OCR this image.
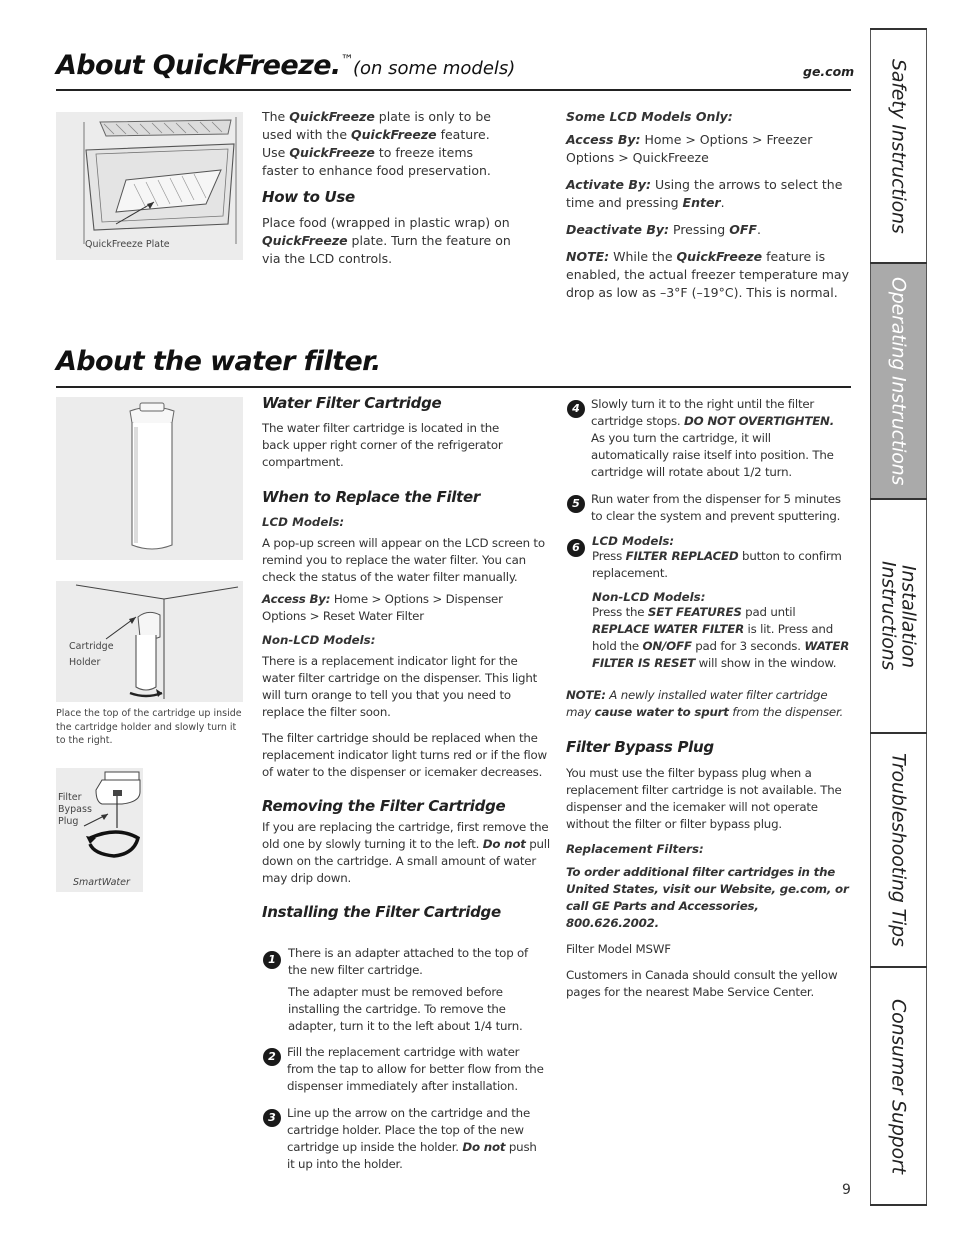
About QuickFreeze.™(on some models)	ge.com
QuickFreeze Plate

The QuickFreeze plate is only to be used with the QuickFreeze feature. Use QuickFreeze to freeze items faster to enhance food preservation.

How to Use

Place food (wrapped in plastic wrap) on QuickFreeze plate. Turn the feature on via the LCD controls.

Some LCD Models Only:

Access By: Home > Options > Freezer Options > QuickFreeze

Activate By: Using the arrows to select the time and pressing Enter.

Deactivate By: Pressing OFF.

NOTE: While the QuickFreeze feature is enabled, the actual freezer temperature may drop as low as –3°F (–19°C). This is normal.

About the water filter.
Cartridge
Holder
Place the top of the cartridge up inside the cartridge holder and slowly turn it to the right.
Filter
Bypass
Plug
SmartWater

Water Filter Cartridge

The water filter cartridge is located in the back upper right corner of the refrigerator compartment.

When to Replace the Filter

LCD Models:

A pop-up screen will appear on the LCD screen to remind you to replace the water filter. You can check the status of the water filter manually.

Access By: Home > Options > Dispenser Options > Reset Water Filter

Non-LCD Models:

There is a replacement indicator light for the water filter cartridge on the dispenser. This light will turn orange to tell you that you need to replace the filter soon.

The filter cartridge should be replaced when the replacement indicator light turns red or if the flow of water to the dispenser or icemaker decreases.

Removing the Filter Cartridge

If you are replacing the cartridge, first remove the old one by slowly turning it to the left. Do not pull down on the cartridge. A small amount of water may drip down.

Installing the Filter Cartridge

1	There is an adapter attached to the top of the new filter cartridge.

The adapter must be removed before installing the cartridge. To remove the adapter, turn it to the left about 1/4 turn.

2 Fill the replacement cartridge with water from the tap to allow for better flow from the dispenser immediately after installation.

3 Line up the arrow on the cartridge and the cartridge holder. Place the top of the new cartridge up inside the holder. Do not push it up into the holder.

4 Slowly turn it to the right until the filter cartridge stops. DO NOT OVERTIGHTEN.

As you turn the cartridge, it will automatically raise itself into position. The cartridge will rotate about 1/2 turn.

5 Run water from the dispenser for 5 minutes to clear the system and prevent sputtering.

6	LCD Models:

Press FILTER REPLACED button to confirm replacement.

Non-LCD Models:

Press the SET FEATURES pad until REPLACE WATER FILTER is lit. Press and hold the ON/OFF pad for 3 seconds. WATER FILTER IS RESET will show in the window.

NOTE: A newly installed water filter cartridge may cause water to spurt from the dispenser.

Filter Bypass Plug

You must use the filter bypass plug when a replacement filter cartridge is not available. The dispenser and the icemaker will not operate without the filter or filter bypass plug.

Replacement Filters:

To order additional filter cartridges in the United States, visit our Website, ge.com, or call GE Parts and Accessories, 800.626.2002.

Filter Model MSWF

Customers in Canada should consult the yellow pages for the nearest Mabe Service Center.

9
Safety Instructions
Operating Instructions
Installation
Instructions
Troubleshooting Tips
Consumer Support
